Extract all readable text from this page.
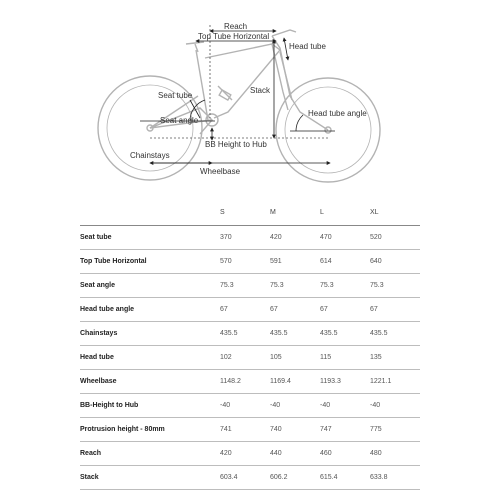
Reach
Top Tube Horizontal
Head tube
Seat tube
Stack
Head tube angle
Seat angle
BB Height to Hub
Chainstays
Wheelbase
	S	M	L	XL
Seat tube	370	420	470	520
Top Tube Horizontal	570	591	614	640
Seat angle	75.3	75.3	75.3	75.3
Head tube angle	67	67	67	67
Chainstays	435.5	435.5	435.5	435.5
Head tube	102	105	115	135
Wheelbase	1148.2	1169.4	1193.3	1221.1
BB-Height to Hub	-40	-40	-40	-40
Protrusion height - 80mm	741	740	747	775
Reach	420	440	460	480
Stack	603.4	606.2	615.4	633.8
